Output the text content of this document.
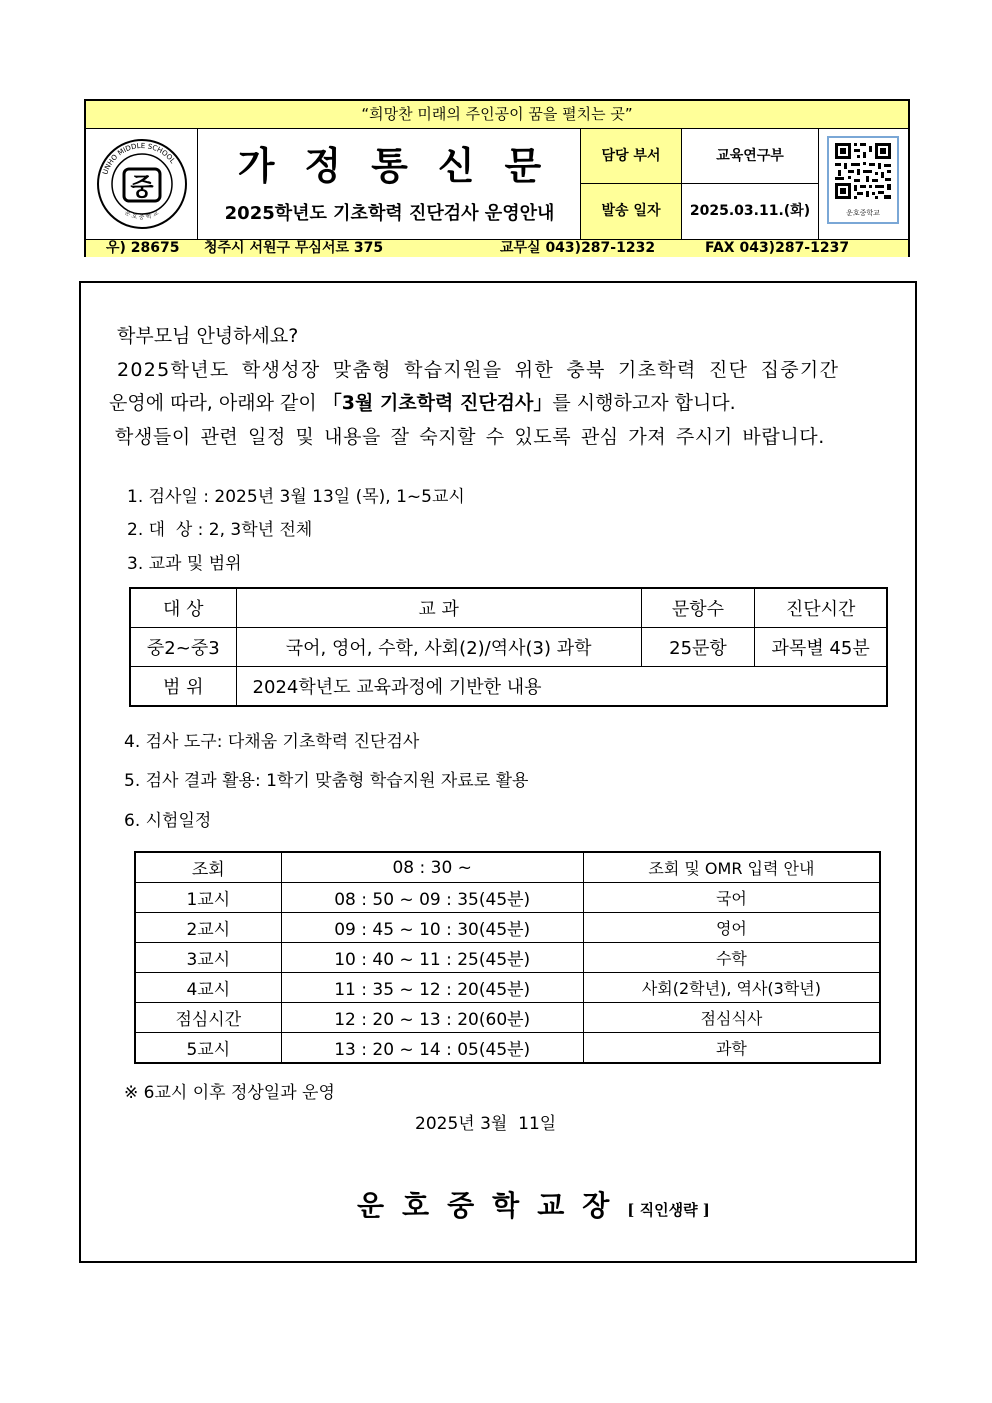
“희망찬 미래의 주인공이 꿈을 펼치는 곳”
UNHO MIDDLE SCHOOL
운 호 중 학 교
중	가정통신문
2025학년도 기초학력 진단검사 운영안내
담당 부서	교육연구부
발송 일자	2025.03.11.(화)	운호중학교
우) 28675 청주시 서원구 무심서로 375	교무실 043)287-1232	FAX 043)287-1237
학부모님 안녕하세요?
2025학년도 학생성장 맞춤형 학습지원을 위한 충북 기초학력 진단 집중기간
운영에 따라, 아래와 같이 「3월 기초학력 진단검사」를 시행하고자 합니다.
학생들이 관련 일정 및 내용을 잘 숙지할 수 있도록 관심 가져 주시기 바랍니다.
1. 검사일 : 2025년 3월 13일 (목), 1~5교시
2. 대  상 : 2, 3학년 전체
3. 교과 및 범위
대 상	교 과	문항수	진단시간
중2~중3	국어, 영어, 수학, 사회(2)/역사(3) 과학	25문항	과목별 45분
범 위	2024학년도 교육과정에 기반한 내용		
4. 검사 도구: 다채움 기초학력 진단검사
5. 검사 결과 활용: 1학기 맞춤형 학습지원 자료로 활용
6. 시험일정
조회	08 : 30 ~	조회 및 OMR 입력 안내
1교시	08 : 50 ~ 09 : 35(45분)	국어
2교시	09 : 45 ~ 10 : 30(45분)	영어
3교시	10 : 40 ~ 11 : 25(45분)	수학
4교시	11 : 35 ~ 12 : 20(45분)	사회(2학년), 역사(3학년)
점심시간	12 : 20 ~ 13 : 20(60분)	점심식사
5교시	13 : 20 ~ 14 : 05(45분)	과학
※ 6교시 이후 정상일과 운영
2025년 3월  11일
운호중학교장[ 직인생략 ]
